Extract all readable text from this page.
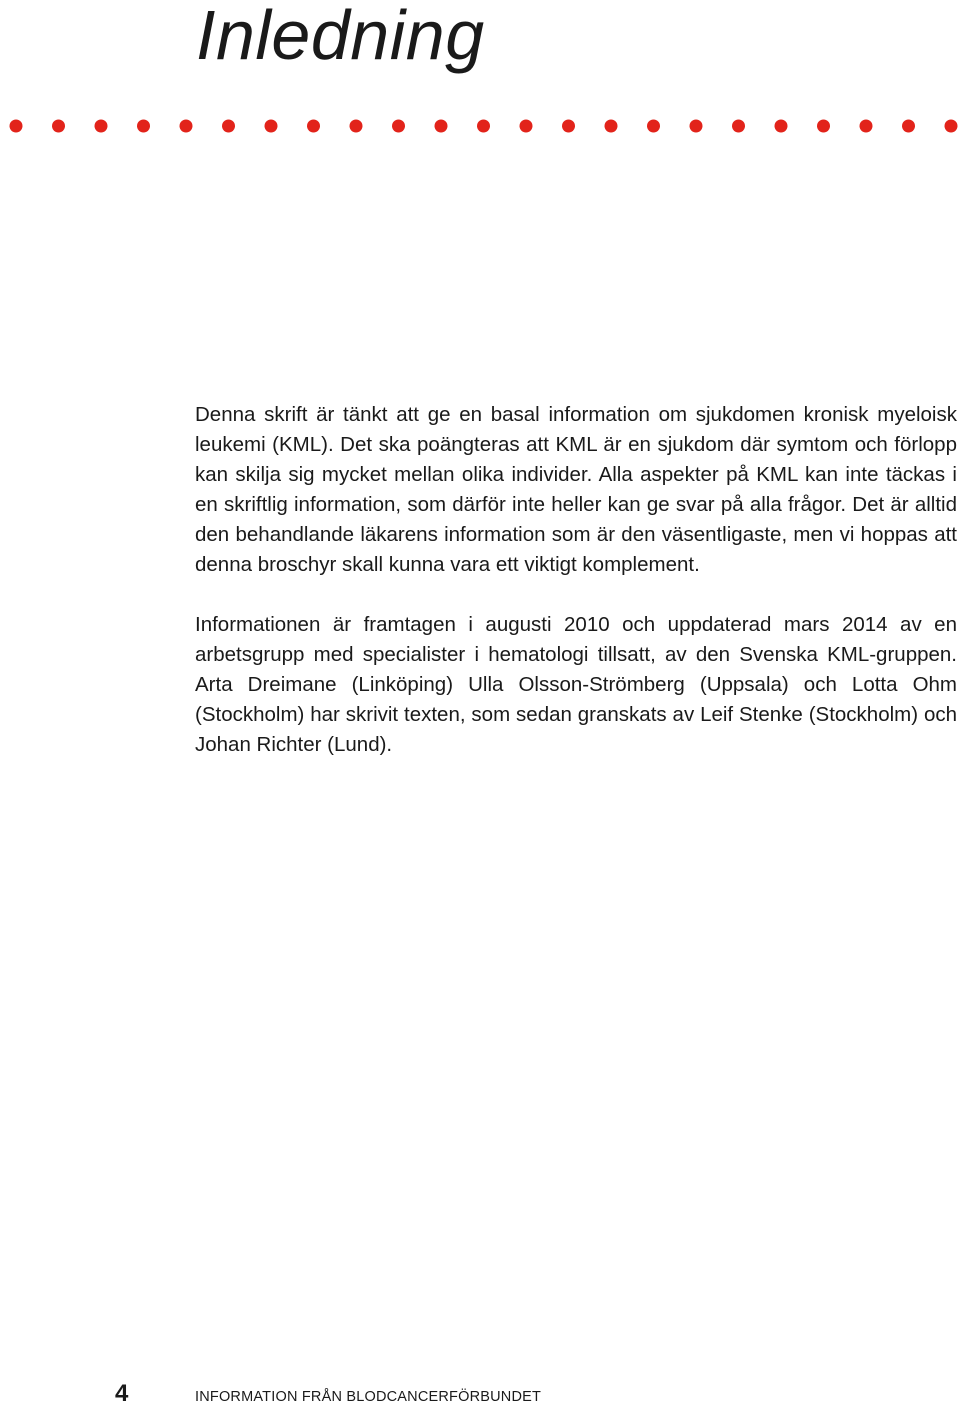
Inledning

Denna skrift är tänkt att ge en basal information om sjukdomen kronisk myeloisk leukemi (KML). Det ska poängteras att KML är en sjukdom där symtom och förlopp kan skilja sig mycket mellan olika individer. Alla aspekter på KML kan inte täckas i en skriftlig information, som därför inte heller kan ge svar på alla frågor. Det är alltid den behandlande läkarens information som är den väsentligaste, men vi hoppas att denna broschyr skall kunna vara ett viktigt komplement.

Informationen är framtagen i augusti 2010 och uppdaterad mars 2014 av en arbetsgrupp med specialister i hematologi tillsatt, av den Svenska KML-gruppen. Arta Dreimane (Linköping) Ulla Olsson-Strömberg (Uppsala) och Lotta Ohm (Stockholm) har skrivit texten, som sedan granskats av Leif Stenke (Stockholm) och Johan Richter (Lund).

4	INFORMATION FRÅN BLODCANCERFÖRBUNDET
